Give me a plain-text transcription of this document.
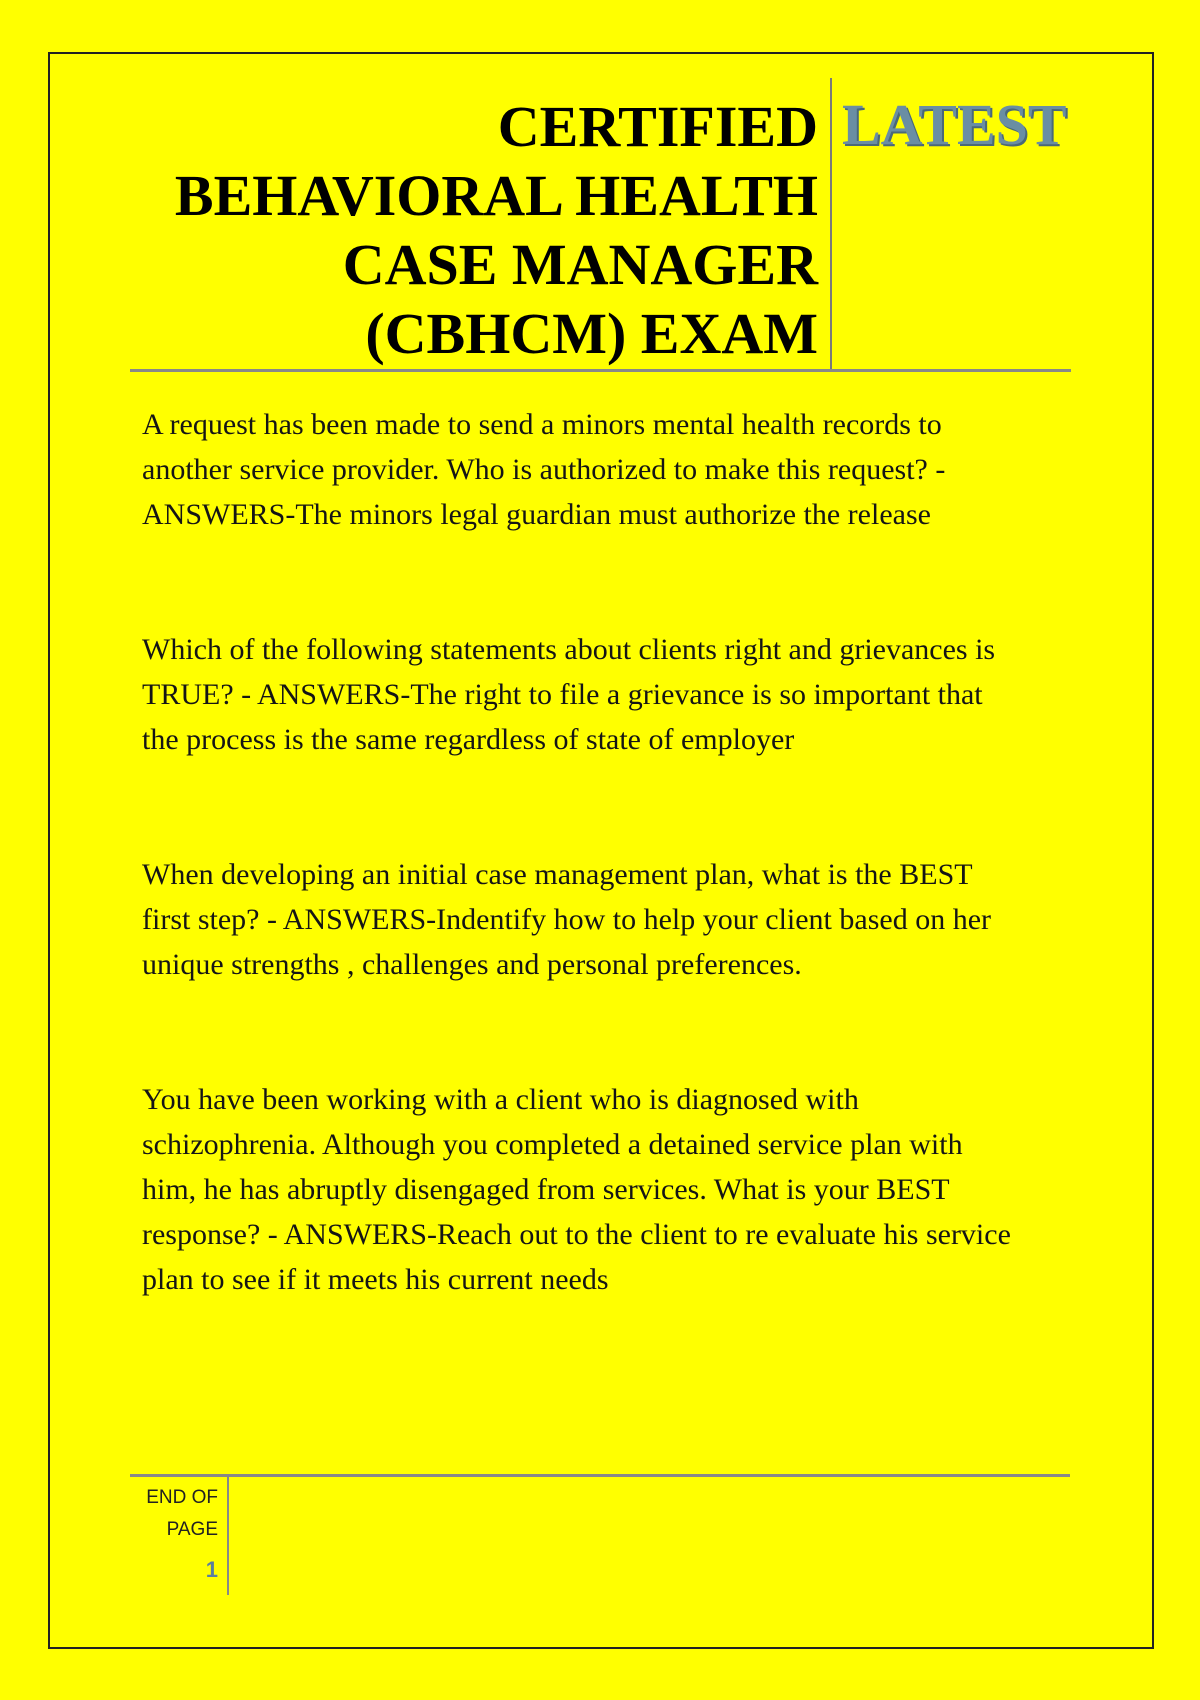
CERTIFIED
BEHAVIORAL HEALTH
CASE MANAGER
(CBHCM) EXAM
LATEST

A request has been made to send a minors mental health records to
another service provider. Who is authorized to make this request? -
ANSWERS-The minors legal guardian must authorize the release

Which of the following statements about clients right and grievances is
TRUE? - ANSWERS-The right to file a grievance is so important that
the process is the same regardless of state of employer

When developing an initial case management plan, what is the BEST
first step? - ANSWERS-Indentify how to help your client based on her
unique strengths , challenges and personal preferences.

You have been working with a client who is diagnosed with
schizophrenia. Although you completed a detained service plan with
him, he has abruptly disengaged from services. What is your BEST
response? - ANSWERS-Reach out to the client to re evaluate his service
plan to see if it meets his current needs

END OF
PAGE
1
